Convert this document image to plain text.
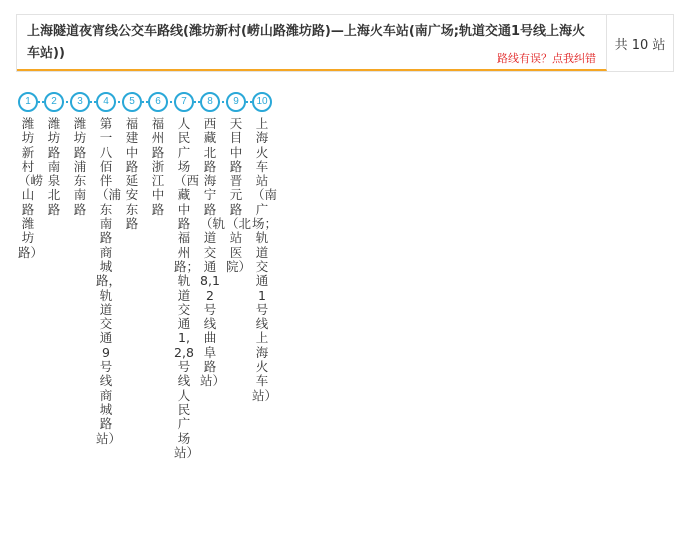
上海隧道夜宵线公交车路线(潍坊新村(崂山路潍坊路)—上海火车站(南广场;轨道交通1号线上海火车站))	路线有误？点我纠错
共 10 站
1
潍坊新村（崂山路潍坊路）
2
潍坊路南泉北路
3
潍坊路浦东南路
4
第一八佰伴（浦东南路商城路，轨道交通9号线商城路站）
5
福建中路延安东路
6
福州路浙江中路
7
人民广场（西藏中路福州路；轨道交通1,2,8号线人民广场站）
8
西藏北路海宁路（轨道交通8,12号线曲阜路站）
9
天目中路晋元路（北站医院）
10
上海火车站（南广场；轨道交通1号线上海火车站）
